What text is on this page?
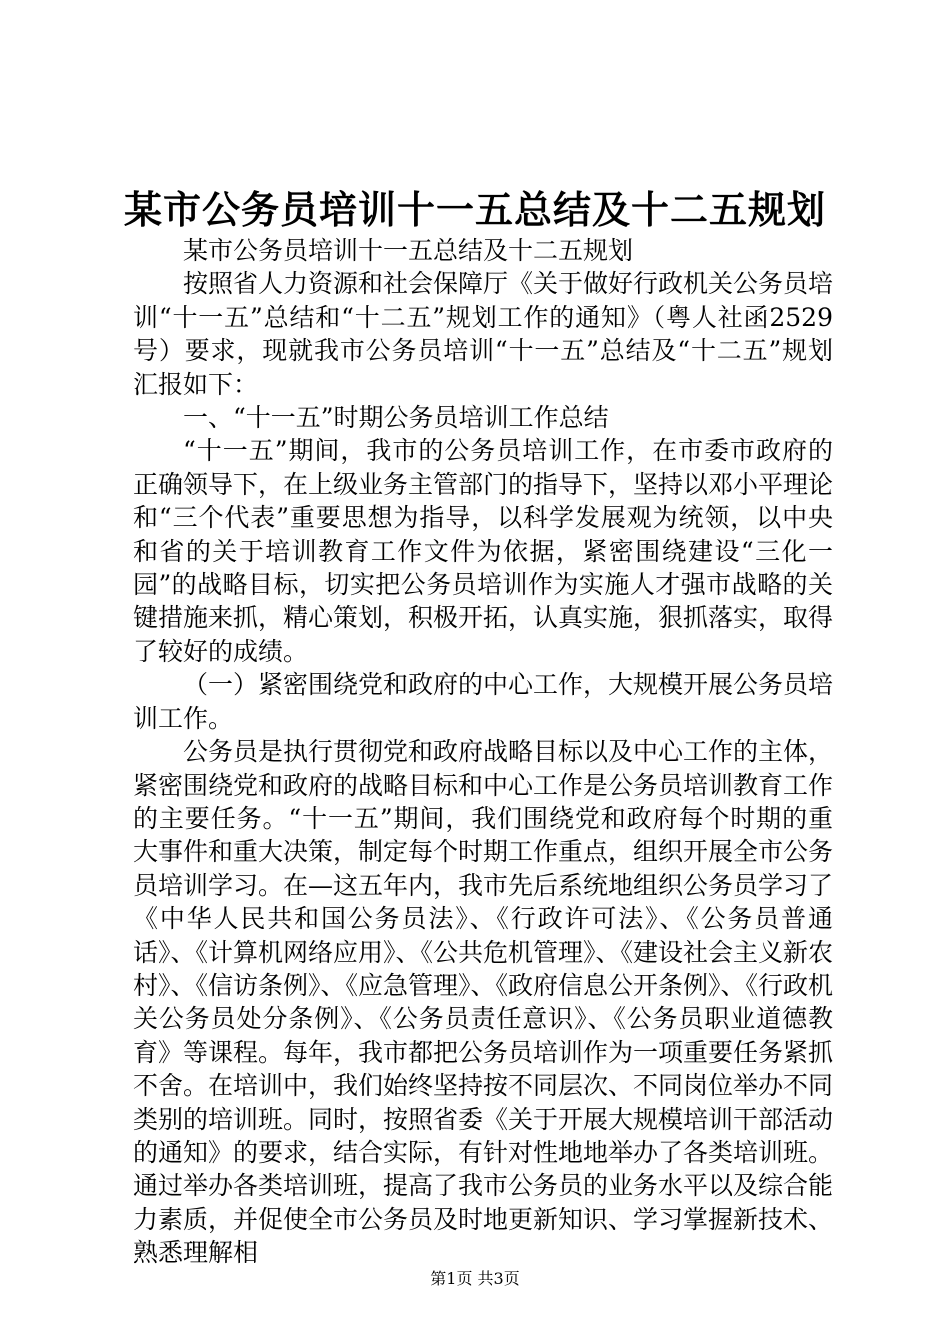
某市公务员培训十一五总结及十二五规划

某市公务员培训十一五总结及十二五规划

按照省人力资源和社会保障厅《关于做好行政机关公务员培训“十一五”总结和“十二五”规划工作的通知》（粤人社函2529号）要求，现就我市公务员培训“十一五”总结及“十二五”规划汇报如下：

一、“十一五”时期公务员培训工作总结

“十一五”期间，我市的公务员培训工作，在市委市政府的正确领导下，在上级业务主管部门的指导下，坚持以邓小平理论和“三个代表”重要思想为指导，以科学发展观为统领，以中央和省的关于培训教育工作文件为依据，紧密围绕建设“三化一园”的战略目标，切实把公务员培训作为实施人才强市战略的关键措施来抓，精心策划，积极开拓，认真实施，狠抓落实，取得了较好的成绩。

（一）紧密围绕党和政府的中心工作，大规模开展公务员培训工作。

公务员是执行贯彻党和政府战略目标以及中心工作的主体，紧密围绕党和政府的战略目标和中心工作是公务员培训教育工作的主要任务。“十一五”期间，我们围绕党和政府每个时期的重大事件和重大决策，制定每个时期工作重点，组织开展全市公务员培训学习。在—这五年内，我市先后系统地组织公务员学习了《中华人民共和国公务员法》、《行政许可法》、《公务员普通话》、《计算机网络应用》、《公共危机管理》、《建设社会主义新农村》、《信访条例》、《应急管理》、《政府信息公开条例》、《行政机关公务员处分条例》、《公务员责任意识》、《公务员职业道德教育》等课程。每年，我市都把公务员培训作为一项重要任务紧抓不舍。在培训中，我们始终坚持按不同层次、不同岗位举办不同类别的培训班。同时，按照省委《关于开展大规模培训干部活动的通知》的要求，结合实际，有针对性地地举办了各类培训班。通过举办各类培训班，提高了我市公务员的业务水平以及综合能力素质，并促使全市公务员及时地更新知识、学习掌握新技术、熟悉理解相

第1页 共3页
